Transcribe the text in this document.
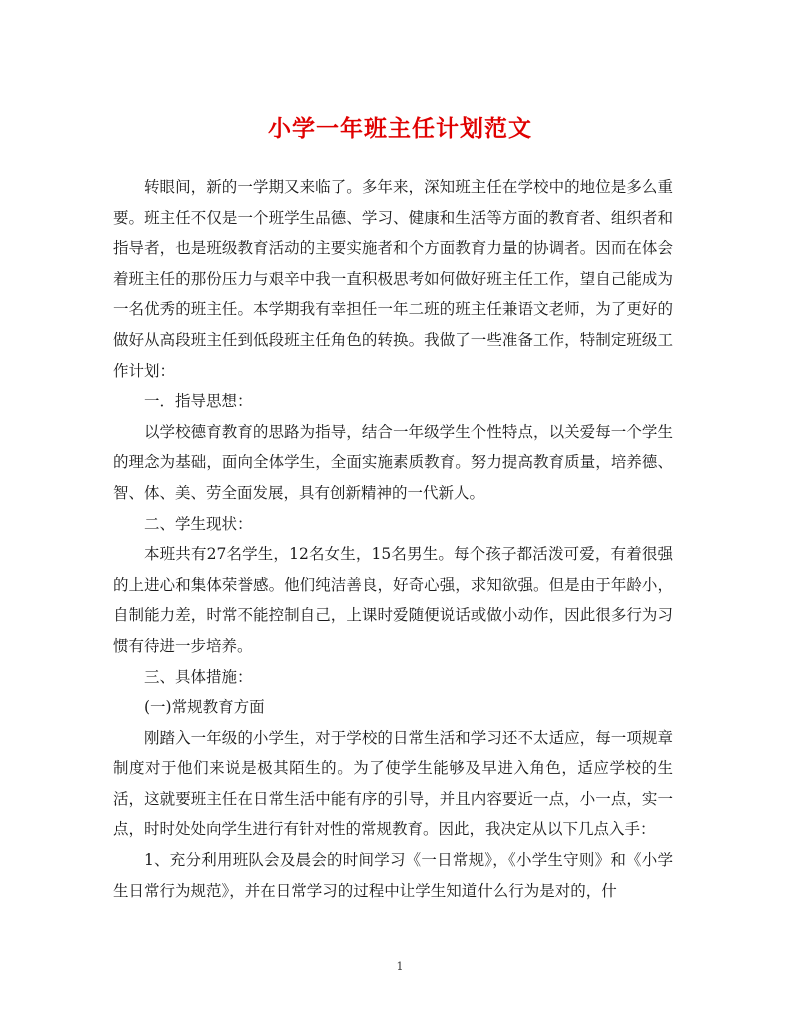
小学一年班主任计划范文

转眼间，新的一学期又来临了。多年来，深知班主任在学校中的地位是多么重要。班主任不仅是一个班学生品德、学习、健康和生活等方面的教育者、组织者和指导者，也是班级教育活动的主要实施者和个方面教育力量的协调者。因而在体会着班主任的那份压力与艰辛中我一直积极思考如何做好班主任工作，望自己能成为一名优秀的班主任。本学期我有幸担任一年二班的班主任兼语文老师，为了更好的做好从高段班主任到低段班主任角色的转换。我做了一些准备工作，特制定班级工作计划：

一．指导思想：

以学校德育教育的思路为指导，结合一年级学生个性特点，以关爱每一个学生的理念为基础，面向全体学生，全面实施素质教育。努力提高教育质量，培养德、智、体、美、劳全面发展，具有创新精神的一代新人。

二、学生现状：

本班共有27名学生，12名女生，15名男生。每个孩子都活泼可爱，有着很强的上进心和集体荣誉感。他们纯洁善良，好奇心强，求知欲强。但是由于年龄小，自制能力差，时常不能控制自己，上课时爱随便说话或做小动作，因此很多行为习惯有待进一步培养。

三、具体措施：

(一)常规教育方面

刚踏入一年级的小学生，对于学校的日常生活和学习还不太适应，每一项规章制度对于他们来说是极其陌生的。为了使学生能够及早进入角色，适应学校的生活，这就要班主任在日常生活中能有序的引导，并且内容要近一点，小一点，实一点，时时处处向学生进行有针对性的常规教育。因此，我决定从以下几点入手：

1、充分利用班队会及晨会的时间学习《一日常规》，《小学生守则》和《小学生日常行为规范》，并在日常学习的过程中让学生知道什么行为是对的，什

1
